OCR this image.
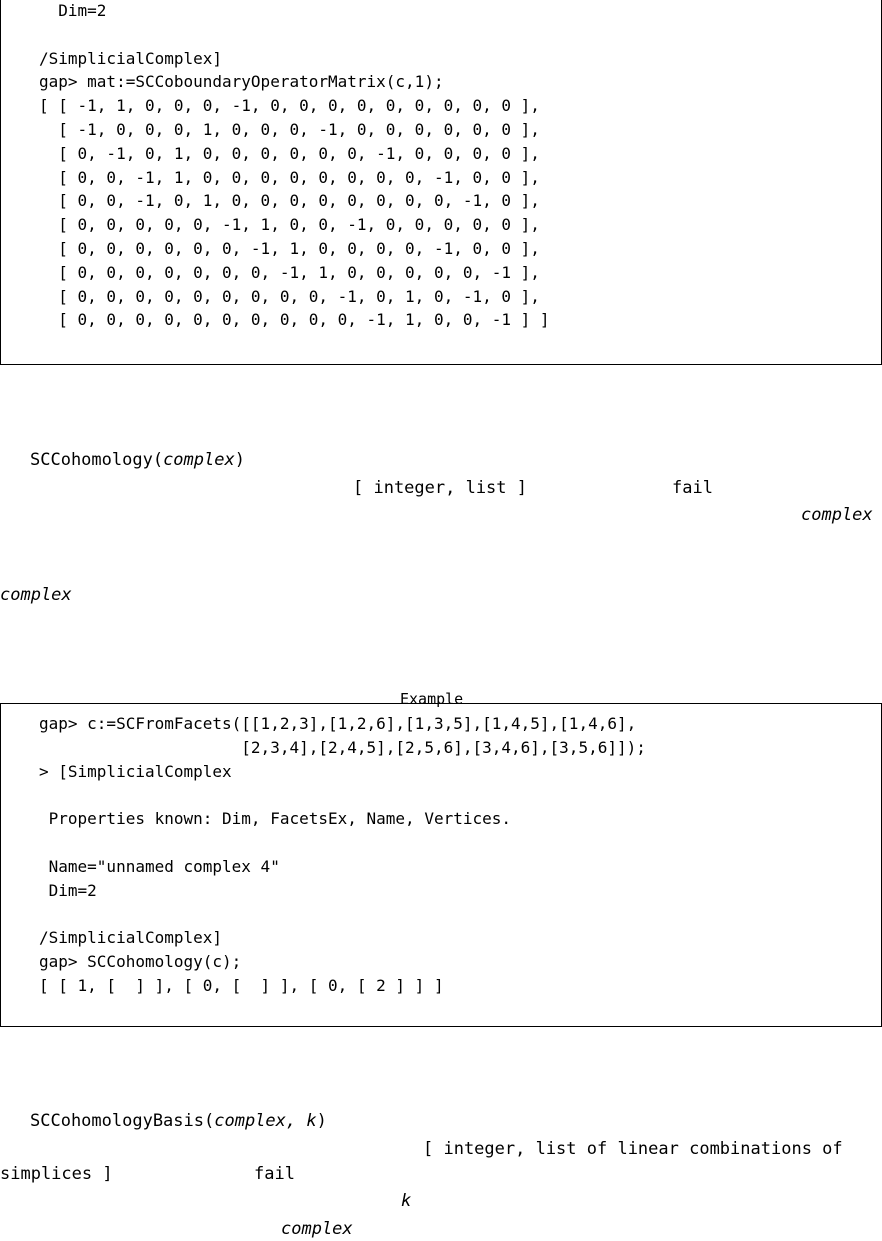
Dim=2

/SimplicialComplex]
gap> mat:=SCCoboundaryOperatorMatrix(c,1);
[ [ -1, 1, 0, 0, 0, -1, 0, 0, 0, 0, 0, 0, 0, 0, 0 ],
[ -1, 0, 0, 0, 1, 0, 0, 0, -1, 0, 0, 0, 0, 0, 0 ],
[ 0, -1, 0, 1, 0, 0, 0, 0, 0, 0, -1, 0, 0, 0, 0 ],
[ 0, 0, -1, 1, 0, 0, 0, 0, 0, 0, 0, 0, -1, 0, 0 ],
[ 0, 0, -1, 0, 1, 0, 0, 0, 0, 0, 0, 0, 0, -1, 0 ],
[ 0, 0, 0, 0, 0, -1, 1, 0, 0, -1, 0, 0, 0, 0, 0 ],
[ 0, 0, 0, 0, 0, 0, -1, 1, 0, 0, 0, 0, -1, 0, 0 ],
[ 0, 0, 0, 0, 0, 0, 0, -1, 1, 0, 0, 0, 0, 0, -1 ],
[ 0, 0, 0, 0, 0, 0, 0, 0, 0, -1, 0, 1, 0, -1, 0 ],
[ 0, 0, 0, 0, 0, 0, 0, 0, 0, 0, -1, 1, 0, 0, -1 ] ]
SCCohomology(complex)
[ integer, list ]	fail
complex
complex
Example
gap> c:=SCFromFacets([[1,2,3],[1,2,6],[1,3,5],[1,4,5],[1,4,6],
[2,3,4],[2,4,5],[2,5,6],[3,4,6],[3,5,6]]);
> [SimplicialComplex

Properties known: Dim, FacetsEx, Name, Vertices.

Name="unnamed complex 4"
Dim=2

/SimplicialComplex]
gap> SCCohomology(c);
[ [ 1, [  ] ], [ 0, [  ] ], [ 0, [ 2 ] ] ]
SCCohomologyBasis(complex, k)
[ integer, list of linear combinations of
simplices ]	fail
k
complex
